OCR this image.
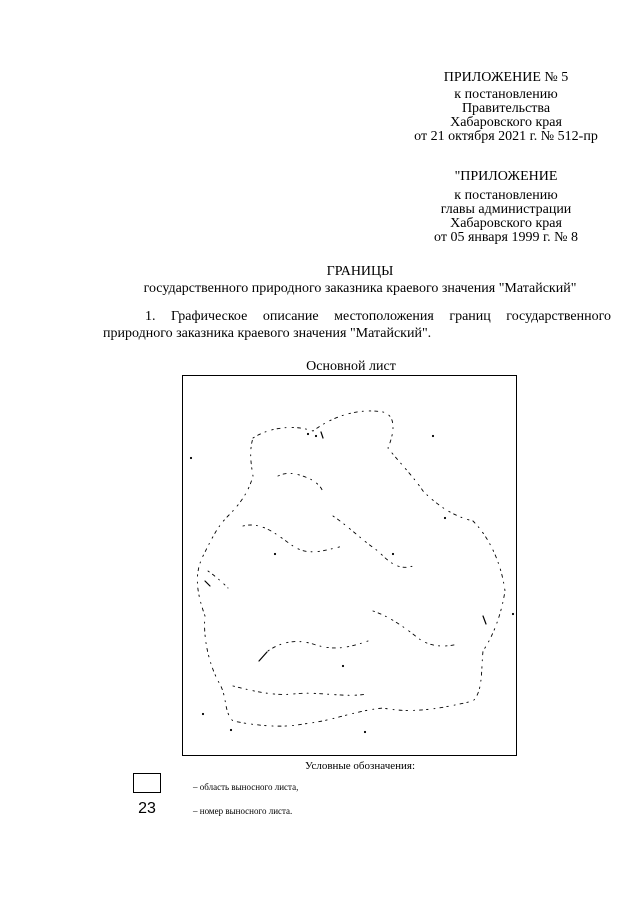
ПРИЛОЖЕНИЕ № 5
к постановлению
Правительства
Хабаровского края
от 21 октября 2021 г. № 512-пр
"ПРИЛОЖЕНИЕ
к постановлению
главы администрации
Хабаровского края
от 05 января 1999 г. № 8
ГРАНИЦЫ
государственного природного заказника краевого значения "Матайский"
1. Графическое описание местоположения границ государственного природного заказника краевого значения "Матайский".
Основной лист
Условные обозначения:
– область выносного листа,
23	– номер выносного листа.
